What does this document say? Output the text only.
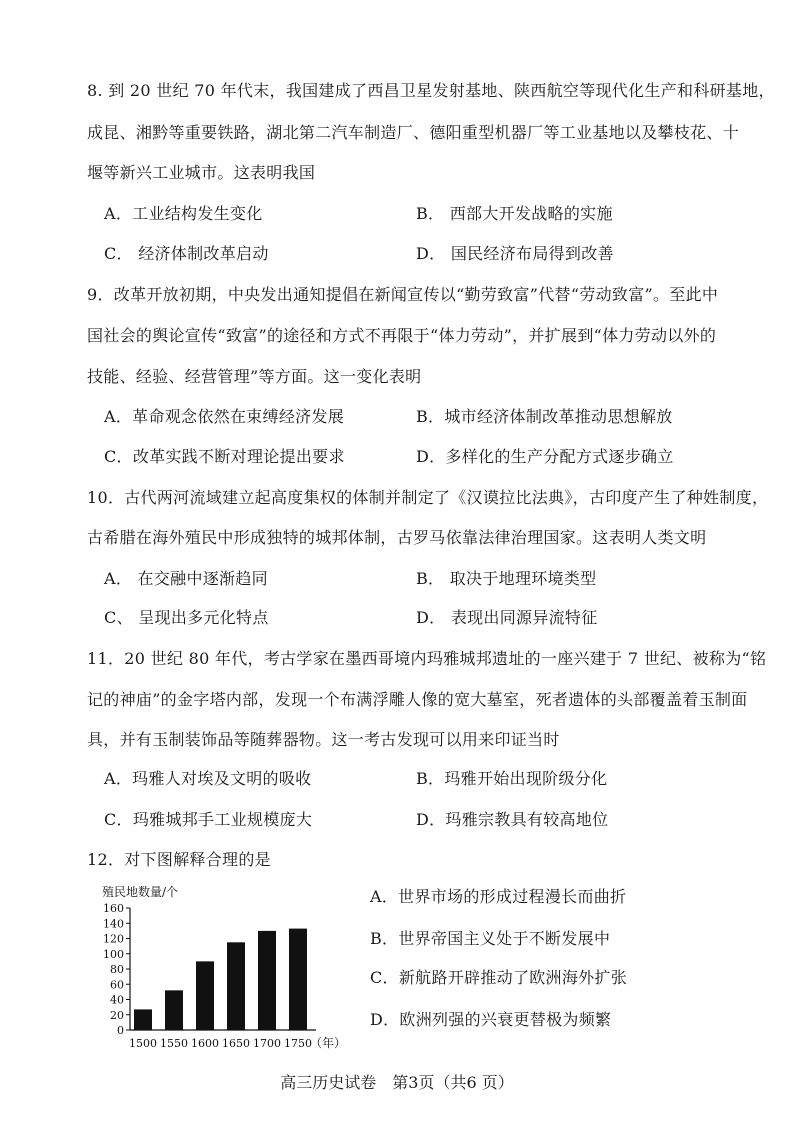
8. 到 20 世纪 70 年代末，我国建成了西昌卫星发射基地、陕西航空等现代化生产和科研基地，
成昆、湘黔等重要铁路，湖北第二汽车制造厂、德阳重型机器厂等工业基地以及攀枝花、十
堰等新兴工业城市。这表明我国
A．工业结构发生变化	B． 西部大开发战略的实施
C． 经济体制改革启动	D． 国民经济布局得到改善
9．改革开放初期，中央发出通知提倡在新闻宣传以“勤劳致富”代替“劳动致富”。至此中
国社会的舆论宣传“致富”的途径和方式不再限于“体力劳动”，并扩展到“体力劳动以外的
技能、经验、经营管理”等方面。这一变化表明
A．革命观念依然在束缚经济发展	B．城市经济体制改革推动思想解放
C．改革实践不断对理论提出要求	D．多样化的生产分配方式逐步确立
10．古代两河流域建立起高度集权的体制并制定了《汉谟拉比法典》，古印度产生了种姓制度，
古希腊在海外殖民中形成独特的城邦体制，古罗马依靠法律治理国家。这表明人类文明
A． 在交融中逐渐趋同	B． 取决于地理环境类型
C、 呈现出多元化特点	D． 表现出同源异流特征
11．20 世纪 80 年代，考古学家在墨西哥境内玛雅城邦遗址的一座兴建于 7 世纪、被称为“铭
记的神庙”的金字塔内部，发现一个布满浮雕人像的宽大墓室，死者遗体的头部覆盖着玉制面
具，并有玉制装饰品等随葬器物。这一考古发现可以用来印证当时
A．玛雅人对埃及文明的吸收	B．玛雅开始出现阶级分化
C．玛雅城邦手工业规模庞大	D．玛雅宗教具有较高地位
12．对下图解释合理的是
A．世界市场的形成过程漫长而曲折
B．世界帝国主义处于不断发展中
C．新航路开辟推动了欧洲海外扩张
D．欧洲列强的兴衰更替极为频繁
殖民地数量/个
0
20
40
60
80
100
120
140
160
1500 1550 1600 1650 1700 1750
（年）
高三历史试卷　第3页（共6 页）
